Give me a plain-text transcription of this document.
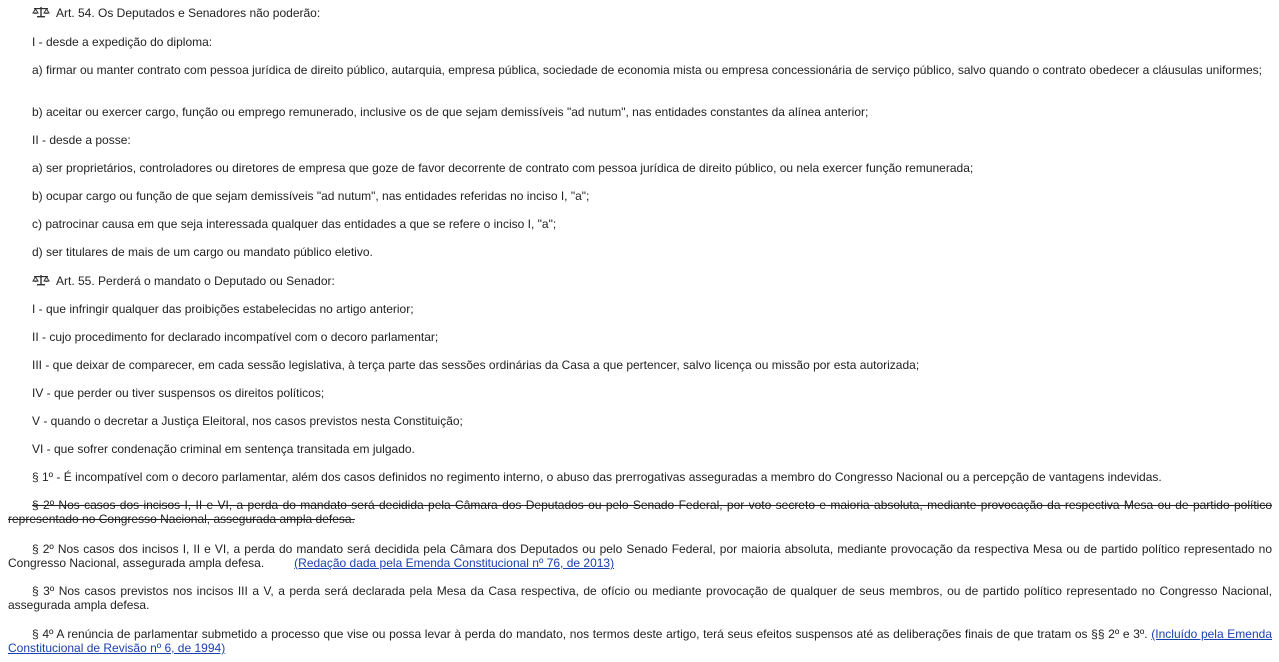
Art. 54. Os Deputados e Senadores não poderão:

I - desde a expedição do diploma:

a) firmar ou manter contrato com pessoa jurídica de direito público, autarquia, empresa pública, sociedade de economia mista ou empresa concessionária de serviço público, salvo quando o contrato obedecer a cláusulas uniformes;

b) aceitar ou exercer cargo, função ou emprego remunerado, inclusive os de que sejam demissíveis "ad nutum", nas entidades constantes da alínea anterior;

II - desde a posse:

a) ser proprietários, controladores ou diretores de empresa que goze de favor decorrente de contrato com pessoa jurídica de direito público, ou nela exercer função remunerada;

b) ocupar cargo ou função de que sejam demissíveis "ad nutum", nas entidades referidas no inciso I, "a";

c) patrocinar causa em que seja interessada qualquer das entidades a que se refere o inciso I, "a";

d) ser titulares de mais de um cargo ou mandato público eletivo.

Art. 55. Perderá o mandato o Deputado ou Senador:

I - que infringir qualquer das proibições estabelecidas no artigo anterior;

II - cujo procedimento for declarado incompatível com o decoro parlamentar;

III - que deixar de comparecer, em cada sessão legislativa, à terça parte das sessões ordinárias da Casa a que pertencer, salvo licença ou missão por esta autorizada;

IV - que perder ou tiver suspensos os direitos políticos;

V - quando o decretar a Justiça Eleitoral, nos casos previstos nesta Constituição;

VI - que sofrer condenação criminal em sentença transitada em julgado.

§ 1º - É incompatível com o decoro parlamentar, além dos casos definidos no regimento interno, o abuso das prerrogativas asseguradas a membro do Congresso Nacional ou a percepção de vantagens indevidas.

§ 2º Nos casos dos incisos I, II e VI, a perda do mandato será decidida pela Câmara dos Deputados ou pelo Senado Federal, por voto secreto e maioria absoluta, mediante provocação da respectiva Mesa ou de partido político representado no Congresso Nacional, assegurada ampla defesa.

§ 2º Nos casos dos incisos I, II e VI, a perda do mandato será decidida pela Câmara dos Deputados ou pelo Senado Federal, por maioria absoluta, mediante provocação da respectiva Mesa ou de partido político representado no Congresso Nacional, assegurada ampla defesa.	(Redação dada pela Emenda Constitucional nº 76, de 2013)

§ 3º Nos casos previstos nos incisos III a V, a perda será declarada pela Mesa da Casa respectiva, de ofício ou mediante provocação de qualquer de seus membros, ou de partido político representado no Congresso Nacional, assegurada ampla defesa.

§ 4º A renúncia de parlamentar submetido a processo que vise ou possa levar à perda do mandato, nos termos deste artigo, terá seus efeitos suspensos até as deliberações finais de que tratam os §§ 2º e 3º. (Incluído pela Emenda Constitucional de Revisão nº 6, de 1994)
